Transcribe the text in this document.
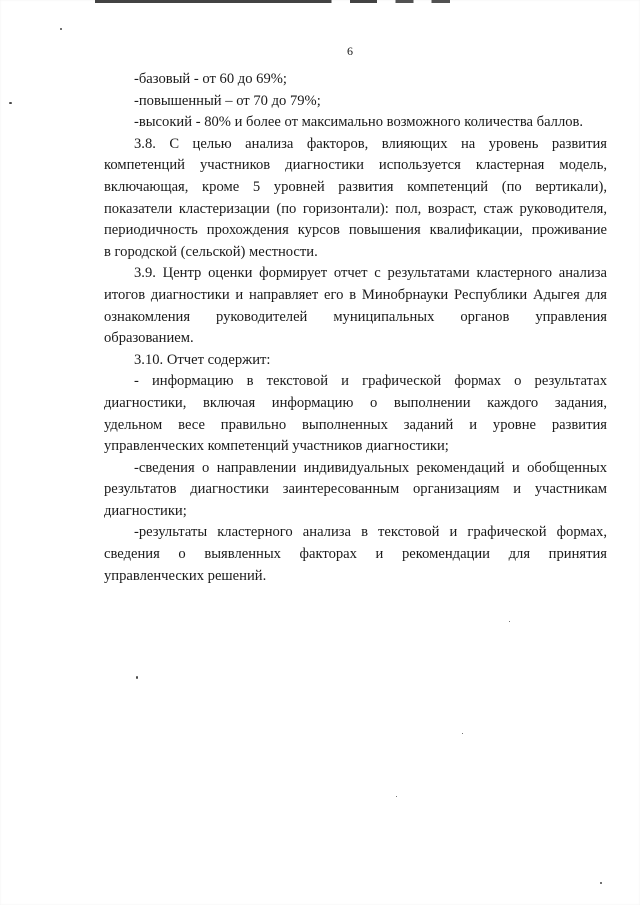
6
-базовый - от 60 до 69%;
-повышенный – от 70 до 79%;
-высокий - 80% и более от максимально возможного количества баллов.
3.8. С целью анализа факторов, влияющих на уровень развития
компетенций участников диагностики используется кластерная модель,
включающая, кроме 5 уровней развития компетенций (по вертикали),
показатели кластеризации (по горизонтали): пол, возраст, стаж руководителя,
периодичность прохождения курсов повышения квалификации, проживание
в городской (сельской) местности.
3.9. Центр оценки формирует отчет с результатами кластерного анализа
итогов диагностики и направляет его в Минобрнауки Республики Адыгея для
ознакомления руководителей муниципальных органов управления
образованием.
3.10. Отчет содержит:
- информацию в текстовой и графической формах о результатах
диагностики, включая информацию о выполнении каждого задания,
удельном весе правильно выполненных заданий и уровне развития
управленческих компетенций участников диагностики;
-сведения о направлении индивидуальных рекомендаций и обобщенных
результатов диагностики заинтересованным организациям и участникам
диагностики;
-результаты кластерного анализа в текстовой и графической формах,
сведения о выявленных факторах и рекомендации для принятия
управленческих решений.
